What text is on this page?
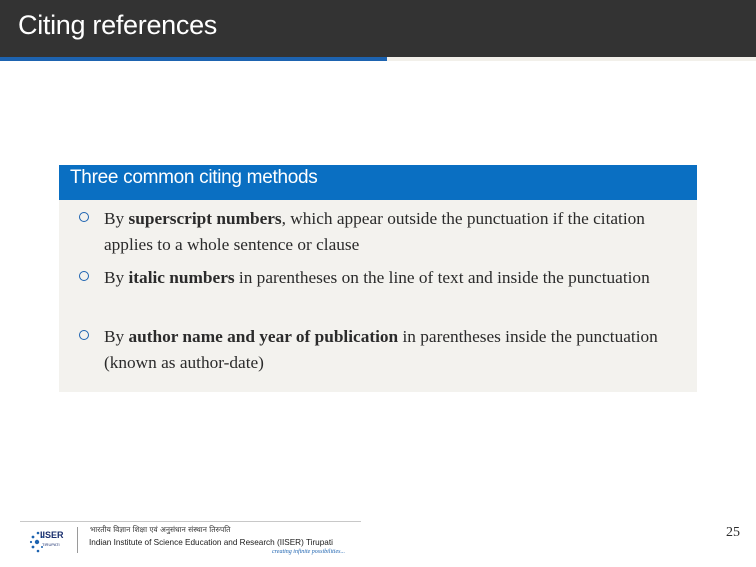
Citing references
Three common citing methods
By superscript numbers, which appear outside the punctuation if the citation applies to a whole sentence or clause
By italic numbers in parentheses on the line of text and inside the punctuation
By author name and year of publication in parentheses inside the punctuation (known as author-date)
IISER
TIRUPATI
भारतीय विज्ञान शिक्षा एवं अनुसंधान संस्थान तिरुपति
Indian Institute of Science Education and Research (IISER) Tirupati
creating infinite possibilities...
25
